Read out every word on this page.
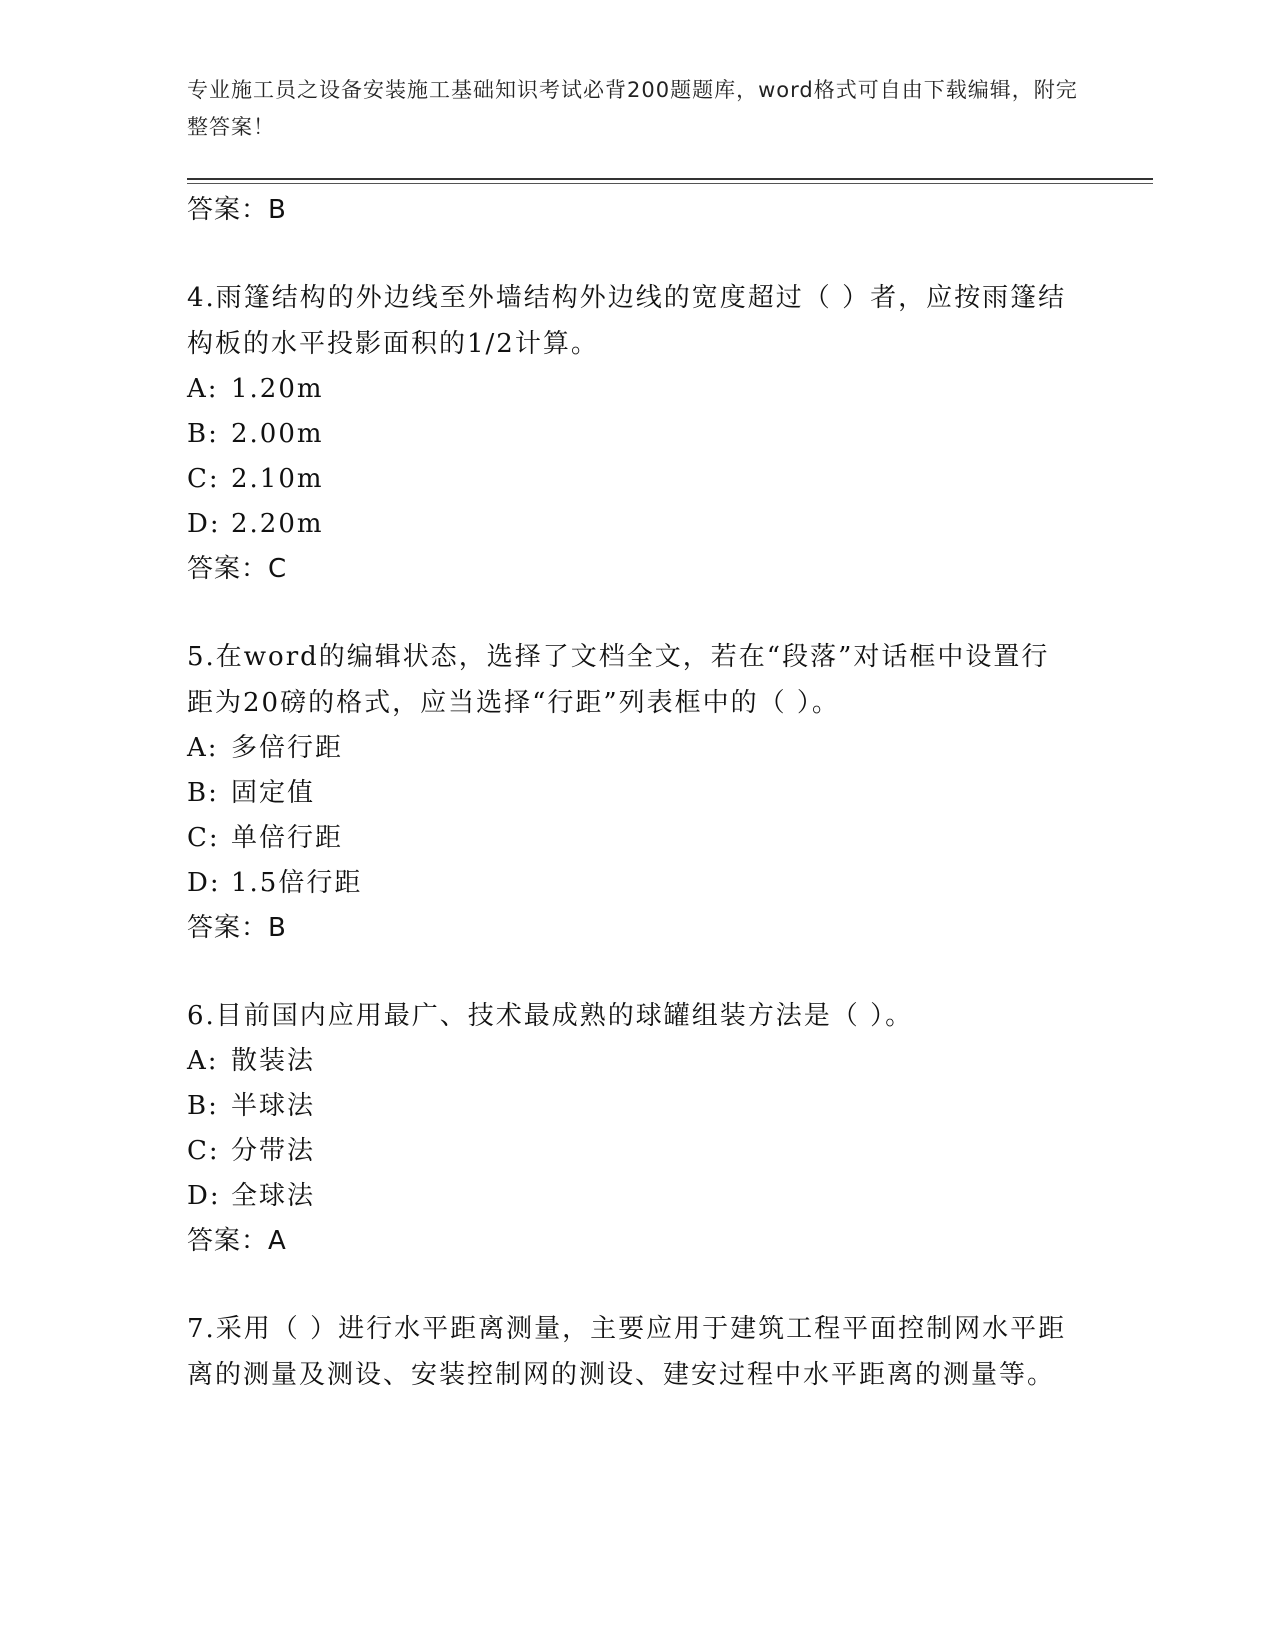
专业施工员之设备安装施工基础知识考试必背200题题库，word格式可自由下载编辑，附完整答案！
答案：B
4.雨篷结构的外边线至外墙结构外边线的宽度超过（ ）者，应按雨篷结构板的水平投影面积的1/2计算。
A: 1.20m
B: 2.00m
C: 2.10m
D: 2.20m
答案：C
5.在word的编辑状态，选择了文档全文，若在“段落”对话框中设置行距为20磅的格式，应当选择“行距”列表框中的（ ）。
A: 多倍行距
B: 固定值
C: 单倍行距
D: 1.5倍行距
答案：B
6.目前国内应用最广、技术最成熟的球罐组装方法是（ ）。
A: 散装法
B: 半球法
C: 分带法
D: 全球法
答案：A
7.采用（ ）进行水平距离测量，主要应用于建筑工程平面控制网水平距离的测量及测设、安装控制网的测设、建安过程中水平距离的测量等。
